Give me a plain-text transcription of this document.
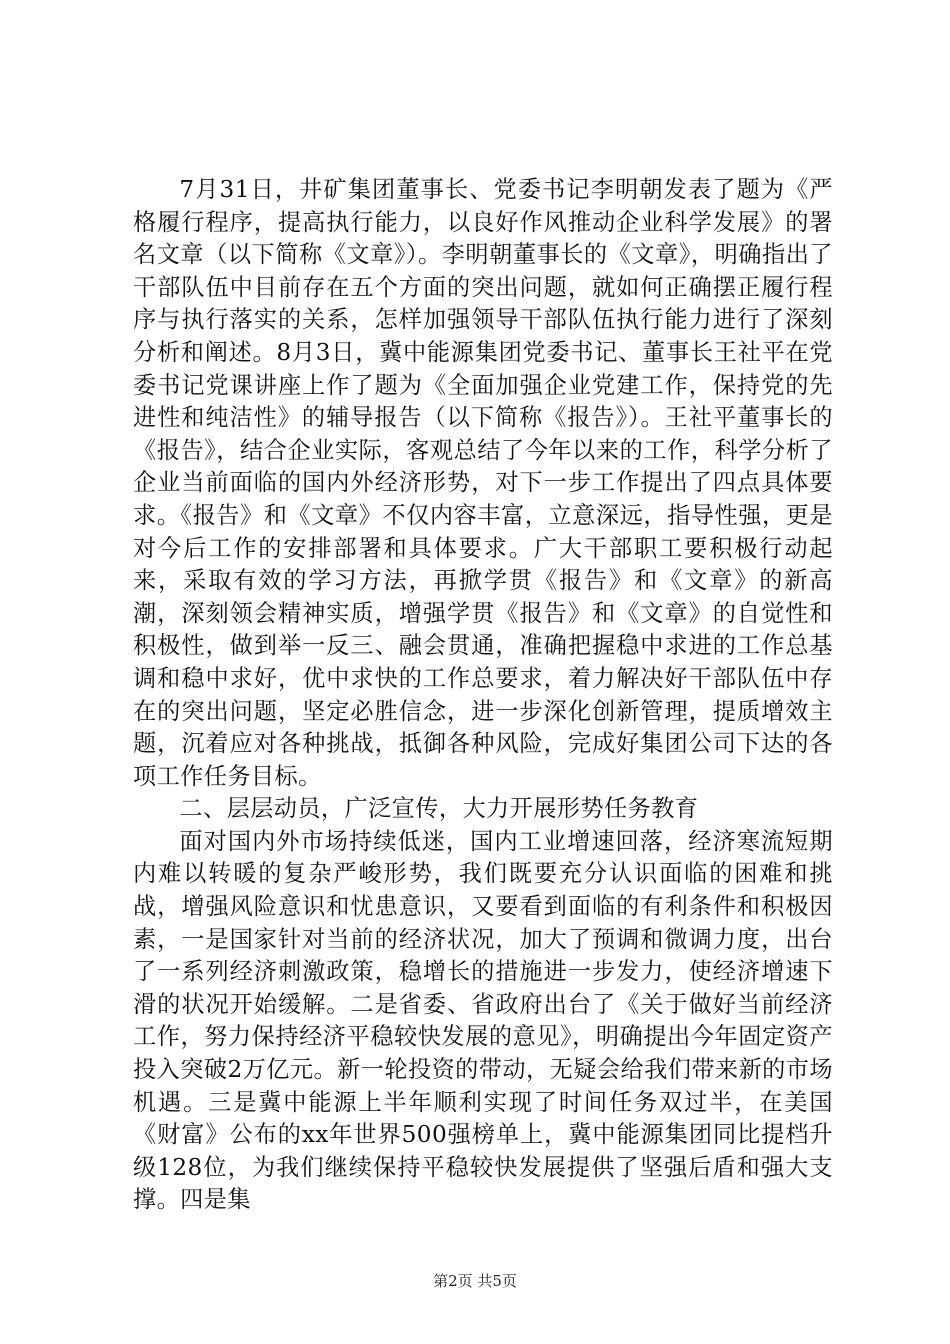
7月31日，井矿集团董事长、党委书记李明朝发表了题为《严格履行程序，提高执行能力，以良好作风推动企业科学发展》的署名文章（以下简称《文章》）。李明朝董事长的《文章》，明确指出了干部队伍中目前存在五个方面的突出问题，就如何正确摆正履行程序与执行落实的关系，怎样加强领导干部队伍执行能力进行了深刻分析和阐述。8月3日，冀中能源集团党委书记、董事长王社平在党委书记党课讲座上作了题为《全面加强企业党建工作，保持党的先进性和纯洁性》的辅导报告（以下简称《报告》）。王社平董事长的《报告》，结合企业实际，客观总结了今年以来的工作，科学分析了企业当前面临的国内外经济形势，对下一步工作提出了四点具体要求。《报告》和《文章》不仅内容丰富，立意深远，指导性强，更是对今后工作的安排部署和具体要求。广大干部职工要积极行动起来，采取有效的学习方法，再掀学贯《报告》和《文章》的新高潮，深刻领会精神实质，增强学贯《报告》和《文章》的自觉性和积极性，做到举一反三、融会贯通，准确把握稳中求进的工作总基调和稳中求好，优中求快的工作总要求，着力解决好干部队伍中存在的突出问题，坚定必胜信念，进一步深化创新管理，提质增效主题，沉着应对各种挑战，抵御各种风险，完成好集团公司下达的各项工作任务目标。

二、层层动员，广泛宣传，大力开展形势任务教育

面对国内外市场持续低迷，国内工业增速回落，经济寒流短期内难以转暖的复杂严峻形势，我们既要充分认识面临的困难和挑战，增强风险意识和忧患意识，又要看到面临的有利条件和积极因素，一是国家针对当前的经济状况，加大了预调和微调力度，出台了一系列经济刺激政策，稳增长的措施进一步发力，使经济增速下滑的状况开始缓解。二是省委、省政府出台了《关于做好当前经济工作，努力保持经济平稳较快发展的意见》，明确提出今年固定资产投入突破2万亿元。新一轮投资的带动，无疑会给我们带来新的市场机遇。三是冀中能源上半年顺利实现了时间任务双过半，在美国《财富》公布的xx年世界500强榜单上，冀中能源集团同比提档升级128位，为我们继续保持平稳较快发展提供了坚强后盾和强大支撑。四是集

第2页 共5页
